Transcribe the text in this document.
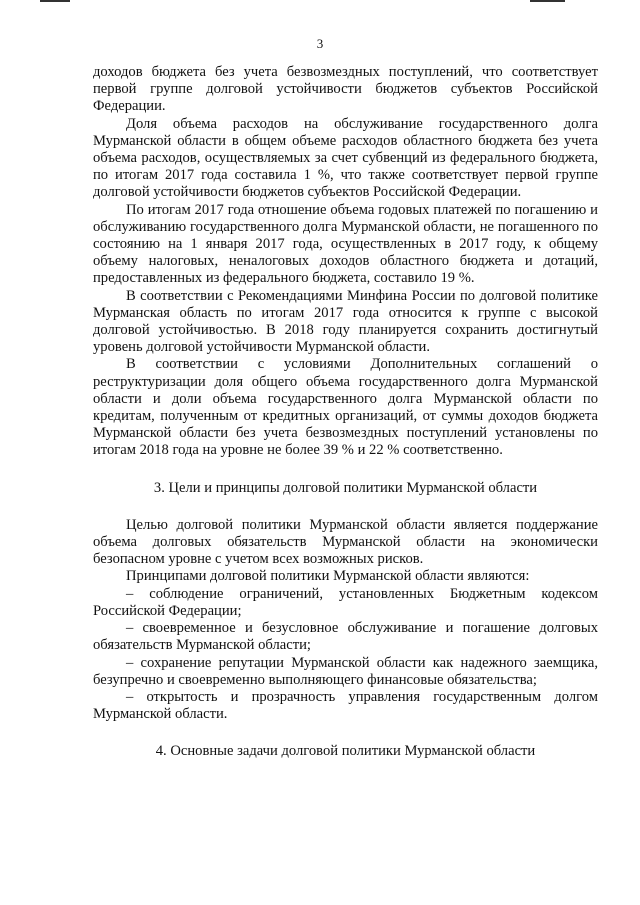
3

доходов бюджета без учета безвозмездных поступлений, что соответствует первой группе долговой устойчивости бюджетов субъектов Российской Федерации.

Доля объема расходов на обслуживание государственного долга Мурманской области в общем объеме расходов областного бюджета без учета объема расходов, осуществляемых за счет субвенций из федерального бюджета, по итогам 2017 года составила 1 %, что также соответствует первой группе долговой устойчивости бюджетов субъектов Российской Федерации.

По итогам 2017 года отношение объема годовых платежей по погашению и обслуживанию государственного долга Мурманской области, не погашенного по состоянию на 1 января 2017 года, осуществленных в 2017 году, к общему объему налоговых, неналоговых доходов областного бюджета и дотаций, предоставленных из федерального бюджета, составило 19 %.

В соответствии с Рекомендациями Минфина России по долговой политике Мурманская область по итогам 2017 года относится к группе с высокой долговой устойчивостью. В 2018 году планируется сохранить достигнутый уровень долговой устойчивости Мурманской области.

В соответствии с условиями Дополнительных соглашений о реструктуризации доля общего объема государственного долга Мурманской области и доли объема государственного долга Мурманской области по кредитам, полученным от кредитных организаций, от суммы доходов бюджета Мурманской области без учета безвозмездных поступлений установлены по итогам 2018 года на уровне не более 39 % и 22 % соответственно.

3. Цели и принципы долговой политики Мурманской области

Целью долговой политики Мурманской области является поддержание объема долговых обязательств Мурманской области на экономически безопасном уровне с учетом всех возможных рисков.

Принципами долговой политики Мурманской области являются:

– соблюдение ограничений, установленных Бюджетным кодексом Российской Федерации;

– своевременное и безусловное обслуживание и погашение долговых обязательств Мурманской области;

– сохранение репутации Мурманской области как надежного заемщика, безупречно и своевременно выполняющего финансовые обязательства;

– открытость и прозрачность управления государственным долгом Мурманской области.

4. Основные задачи долговой политики Мурманской области
